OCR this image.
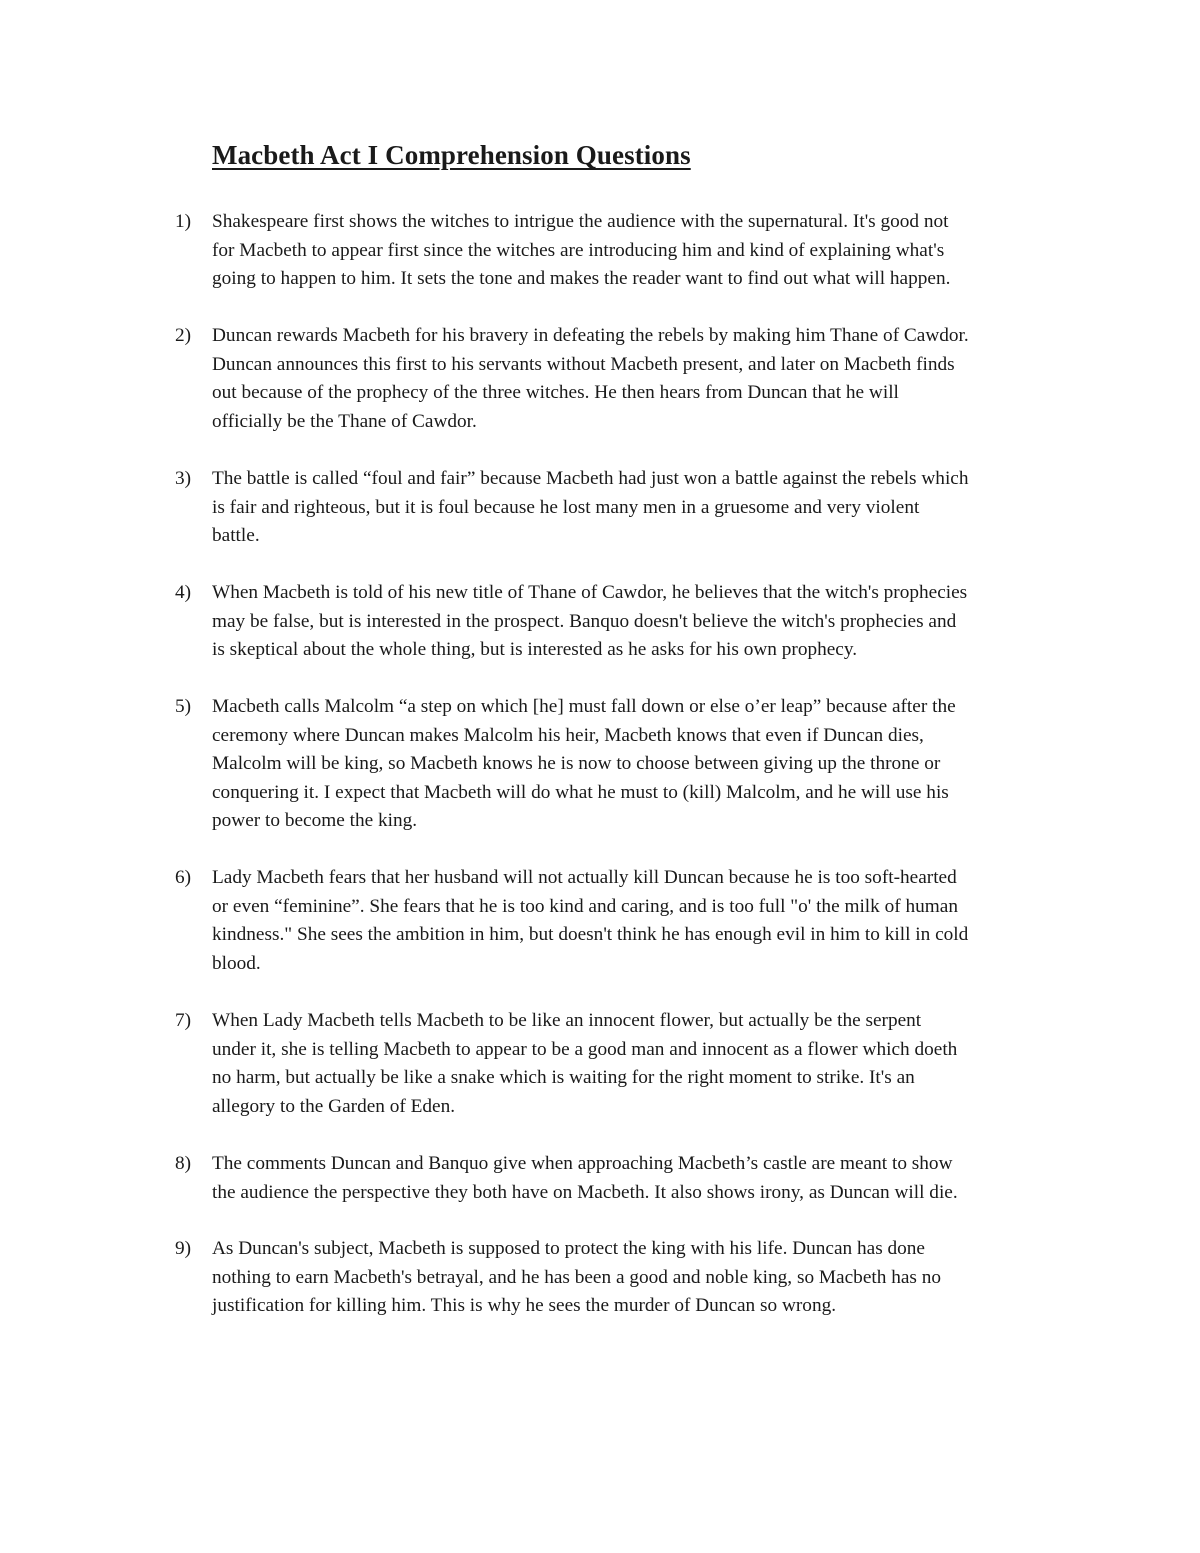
Macbeth Act I Comprehension Questions
1) Shakespeare first shows the witches to intrigue the audience with the supernatural. It's good not
for Macbeth to appear first since the witches are introducing him and kind of explaining what's
going to happen to him. It sets the tone and makes the reader want to find out what will happen.
2) Duncan rewards Macbeth for his bravery in defeating the rebels by making him Thane of Cawdor.
Duncan announces this first to his servants without Macbeth present, and later on Macbeth finds
out because of the prophecy of the three witches. He then hears from Duncan that he will
officially be the Thane of Cawdor.
3) The battle is called “foul and fair” because Macbeth had just won a battle against the rebels which
is fair and righteous, but it is foul because he lost many men in a gruesome and very violent
battle.
4) When Macbeth is told of his new title of Thane of Cawdor, he believes that the witch's prophecies
may be false, but is interested in the prospect. Banquo doesn't believe the witch's prophecies and
is skeptical about the whole thing, but is interested as he asks for his own prophecy.
5) Macbeth calls Malcolm “a step on which [he] must fall down or else o’er leap” because after the
ceremony where Duncan makes Malcolm his heir, Macbeth knows that even if Duncan dies,
Malcolm will be king, so Macbeth knows he is now to choose between giving up the throne or
conquering it. I expect that Macbeth will do what he must to (kill) Malcolm, and he will use his
power to become the king.
6) Lady Macbeth fears that her husband will not actually kill Duncan because he is too soft-hearted
or even “feminine”. She fears that he is too kind and caring, and is too full "o' the milk of human
kindness." She sees the ambition in him, but doesn't think he has enough evil in him to kill in cold
blood.
7) When Lady Macbeth tells Macbeth to be like an innocent flower, but actually be the serpent
under it, she is telling Macbeth to appear to be a good man and innocent as a flower which doeth
no harm, but actually be like a snake which is waiting for the right moment to strike. It's an
allegory to the Garden of Eden.
8) The comments Duncan and Banquo give when approaching Macbeth’s castle are meant to show
the audience the perspective they both have on Macbeth. It also shows irony, as Duncan will die.
9) As Duncan's subject, Macbeth is supposed to protect the king with his life. Duncan has done
nothing to earn Macbeth's betrayal, and he has been a good and noble king, so Macbeth has no
justification for killing him. This is why he sees the murder of Duncan so wrong.
